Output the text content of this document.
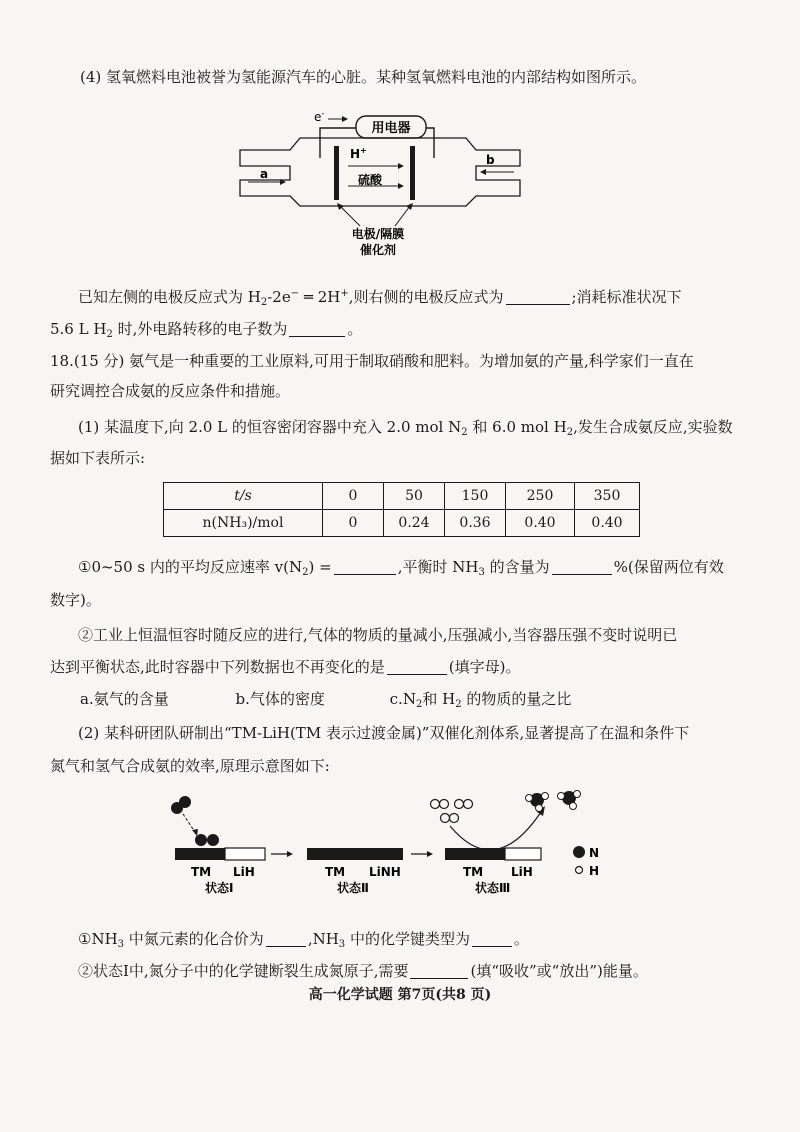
(4) 氢氧燃料电池被誉为氢能源汽车的心脏。某种氢氧燃料电池的内部结构如图所示。
e-
用电器
H+
硫酸
a
b
电极/隔膜
催化剂
已知左侧的电极反应式为 $H_2-2e^-$ ═ 2H+,则右侧的电极反应式为	;消耗标准状况下
5.6 L $H_2$ 时,外电路转移的电子数为	。
18.(15 分) 氨气是一种重要的工业原料,可用于制取硝酸和肥料。为增加氨的产量,科学家们一直在
研究调控合成氨的反应条件和措施。
(1) 某温度下,向 2.0 L 的恒容密闭容器中充入 2.0 mol $N_2$ 和 6.0 mol $H_2$,发生合成氨反应,实验数
据如下表所示:
t/s	0	50	150	250	350
n(NH₃)/mol	0	0.24	0.36	0.40	0.40
①0~50 s 内的平均反应速率 $v(N_2)$ =	,平衡时 $NH_3$ 的含量为	%(保留两位有效
数字)。
②工业上恒温恒容时随反应的进行,气体的物质的量减小,压强减小,当容器压强不变时说明已
达到平衡状态,此时容器中下列数据也不再变化的是	(填字母)。
a.氨气的含量	b.气体的密度	$c.N_2$和 $H_2$ 的物质的量之比
(2) 某科研团队研制出“TM-LiH(TM 表示过渡金属)”双催化剂体系,显著提高了在温和条件下
氮气和氢气合成氨的效率,原理示意图如下:
TM LiH
状态Ⅰ
TM LiNH
状态Ⅱ
TM LiH
状态Ⅲ
N
H
$①NH_3$ 中氮元素的化合价为	$,NH_3$ 中的化学键类型为	。
②状态Ⅰ中,氮分子中的化学键断裂生成氮原子,需要	(填“吸收”或“放出”)能量。
高一化学试题 第7页(共8 页)
